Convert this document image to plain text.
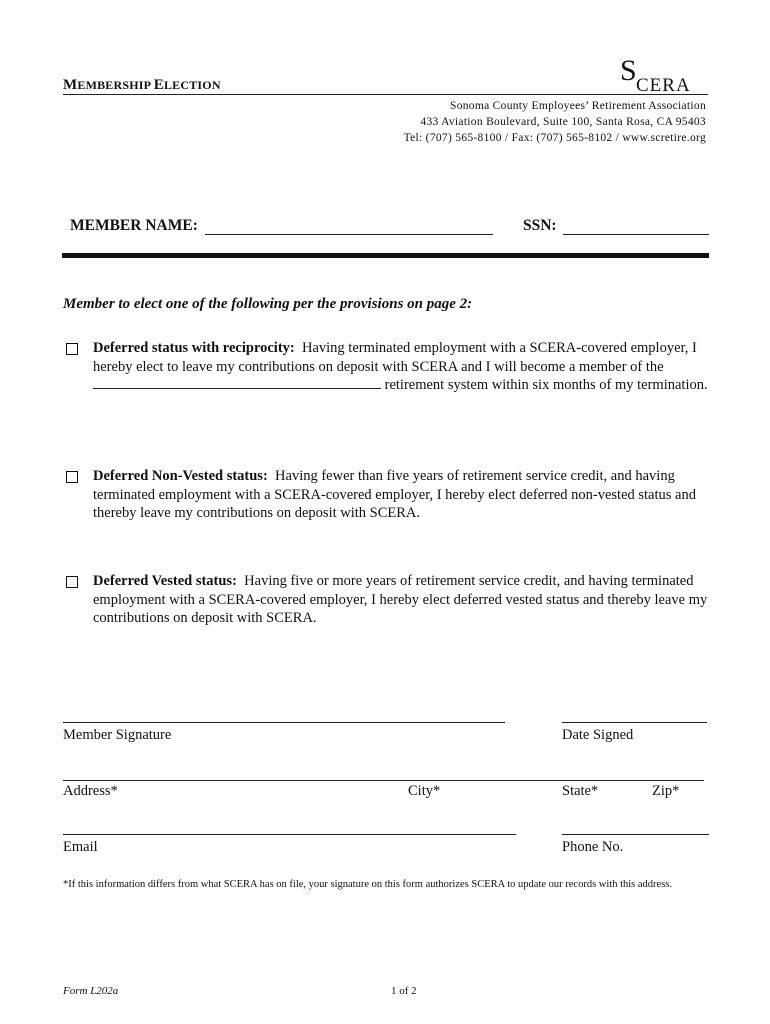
MEMBERSHIP ELECTION	S CERA
Sonoma County Employees’ Retirement Association
433 Aviation Boulevard, Suite 100, Santa Rosa, CA 95403
Tel: (707) 565-8100 / Fax: (707) 565-8102 / www.scretire.org
MEMBER NAME:	SSN:
Member to elect one of the following per the provisions on page 2:
Deferred status with reciprocity: Having terminated employment with a SCERA-covered employer, I hereby elect to leave my contributions on deposit with SCERA and I will become a member of the  retirement system within six months of my termination.
Deferred Non-Vested status: Having fewer than five years of retirement service credit, and having terminated employment with a SCERA-covered employer, I hereby elect deferred non-vested status and thereby leave my contributions on deposit with SCERA.
Deferred Vested status: Having five or more years of retirement service credit, and having terminated employment with a SCERA-covered employer, I hereby elect deferred vested status and thereby leave my contributions on deposit with SCERA.
Member Signature	Date Signed
Address*	City*	State*	Zip*
Email	Phone No.
*If this information differs from what SCERA has on file, your signature on this form authorizes SCERA to update our records with this address.
Form L202a	1 of 2
